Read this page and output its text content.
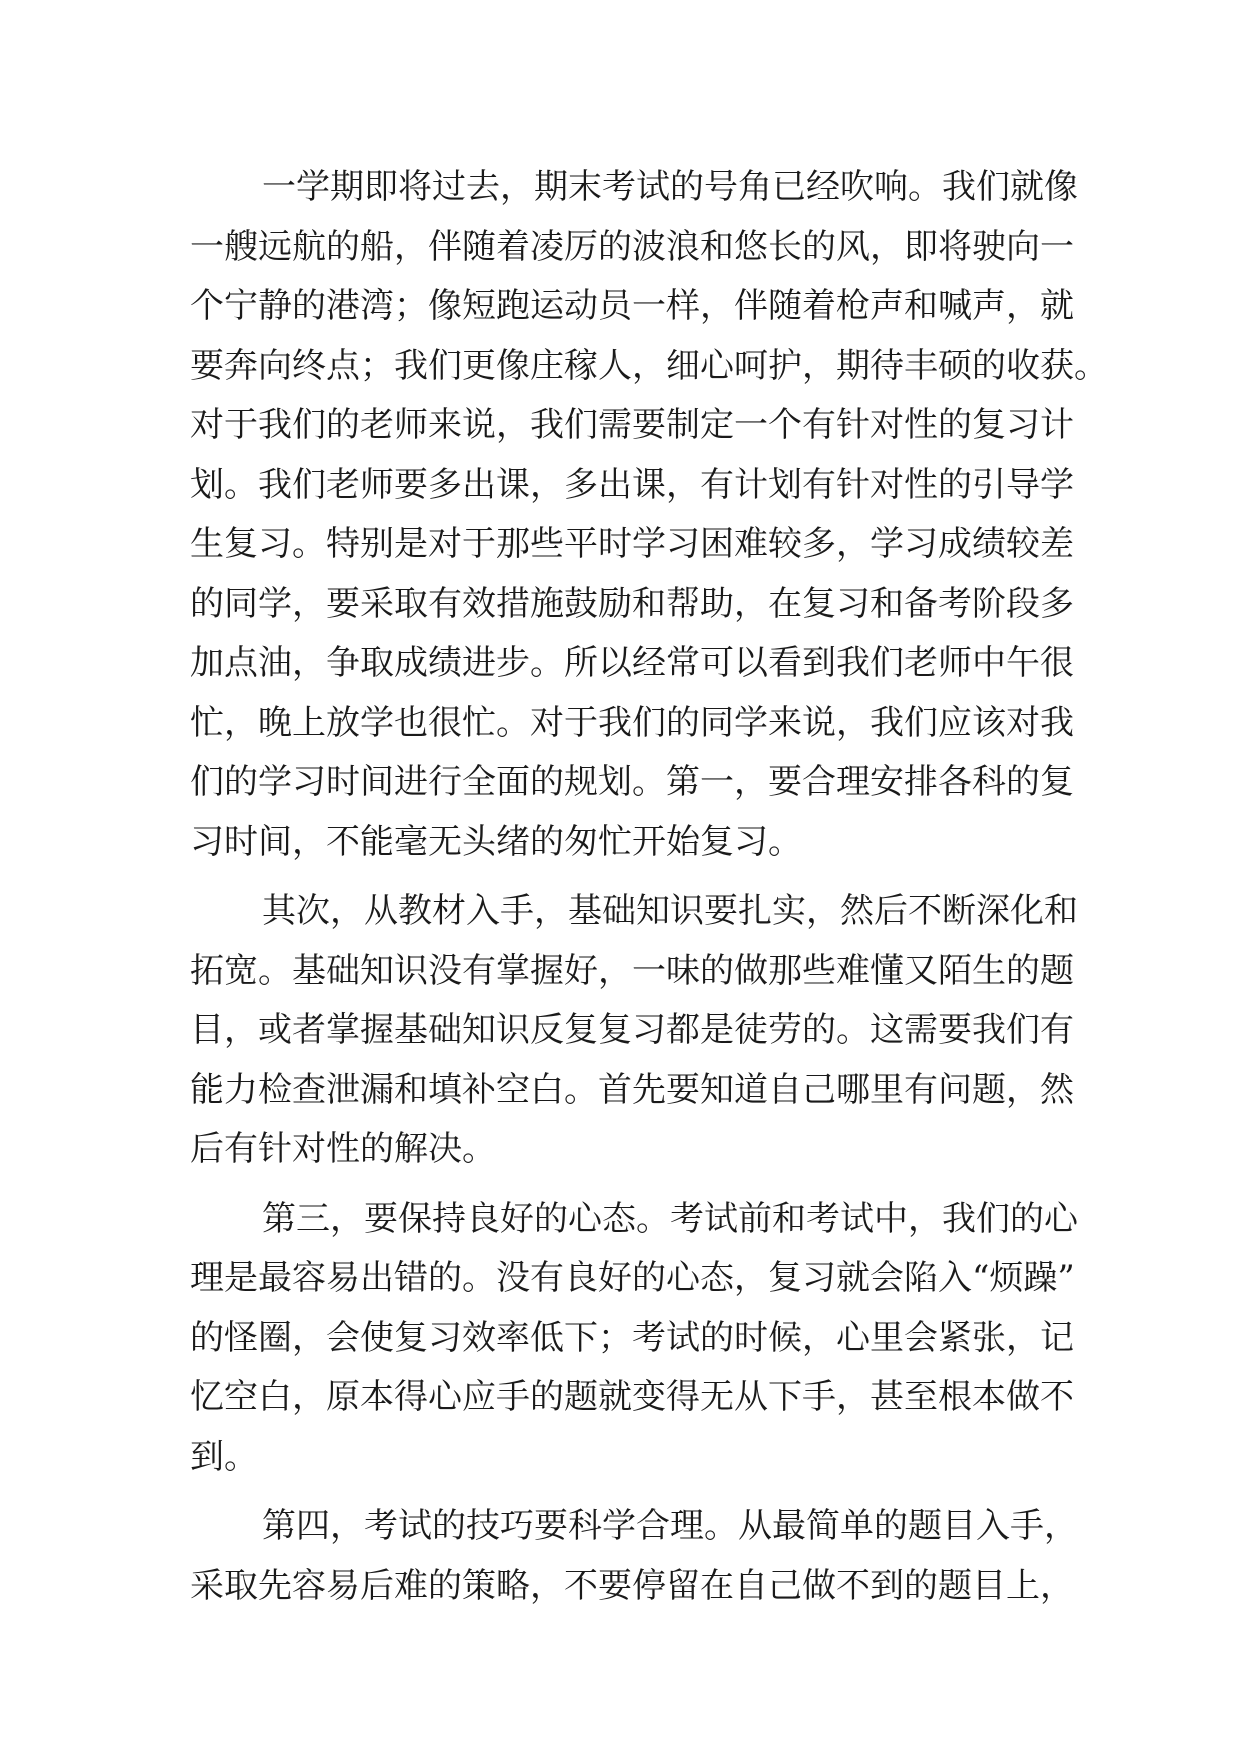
一学期即将过去，期末考试的号角已经吹响。我们就像
一艘远航的船，伴随着凌厉的波浪和悠长的风，即将驶向一
个宁静的港湾；像短跑运动员一样，伴随着枪声和喊声，就
要奔向终点；我们更像庄稼人，细心呵护，期待丰硕的收获。
对于我们的老师来说，我们需要制定一个有针对性的复习计
划。我们老师要多出课，多出课，有计划有针对性的引导学
生复习。特别是对于那些平时学习困难较多，学习成绩较差
的同学，要采取有效措施鼓励和帮助，在复习和备考阶段多
加点油，争取成绩进步。所以经常可以看到我们老师中午很
忙，晚上放学也很忙。对于我们的同学来说，我们应该对我
们的学习时间进行全面的规划。第一，要合理安排各科的复
习时间，不能毫无头绪的匆忙开始复习。
其次，从教材入手，基础知识要扎实，然后不断深化和
拓宽。基础知识没有掌握好，一味的做那些难懂又陌生的题
目，或者掌握基础知识反复复习都是徒劳的。这需要我们有
能力检查泄漏和填补空白。首先要知道自己哪里有问题，然
后有针对性的解决。
第三，要保持良好的心态。考试前和考试中，我们的心
理是最容易出错的。没有良好的心态，复习就会陷入“烦躁”
的怪圈，会使复习效率低下；考试的时候，心里会紧张，记
忆空白，原本得心应手的题就变得无从下手，甚至根本做不
到。
第四，考试的技巧要科学合理。从最简单的题目入手，
采取先容易后难的策略，不要停留在自己做不到的题目上，
